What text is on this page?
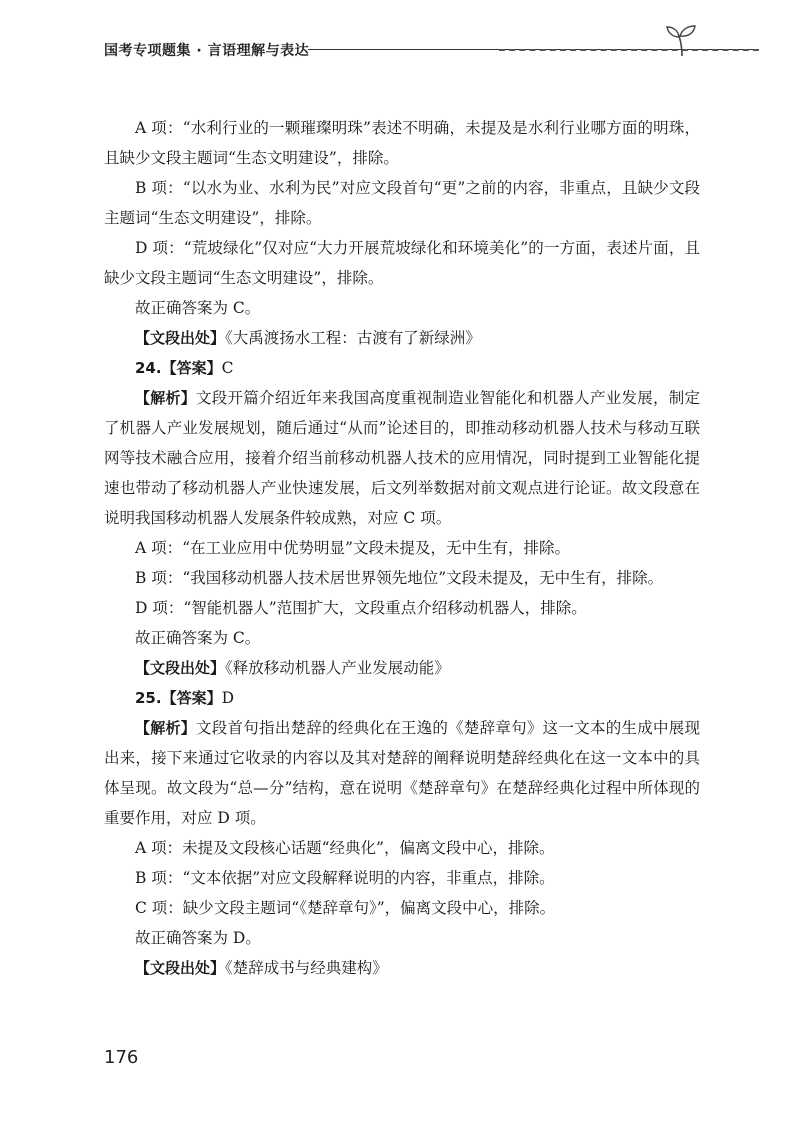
国考专项题集 · 言语理解与表达

A 项：“水利行业的一颗璀璨明珠”表述不明确，未提及是水利行业哪方面的明珠，且缺少文段主题词“生态文明建设”，排除。

B 项：“以水为业、水利为民”对应文段首句“更”之前的内容，非重点，且缺少文段主题词“生态文明建设”，排除。

D 项：“荒坡绿化”仅对应“大力开展荒坡绿化和环境美化”的一方面，表述片面，且缺少文段主题词“生态文明建设”，排除。

故正确答案为 C。

【文段出处】《大禹渡扬水工程：古渡有了新绿洲》

24.【答案】C

【解析】文段开篇介绍近年来我国高度重视制造业智能化和机器人产业发展，制定了机器人产业发展规划，随后通过“从而”论述目的，即推动移动机器人技术与移动互联网等技术融合应用，接着介绍当前移动机器人技术的应用情况，同时提到工业智能化提速也带动了移动机器人产业快速发展，后文列举数据对前文观点进行论证。故文段意在说明我国移动机器人发展条件较成熟，对应 C 项。

A 项：“在工业应用中优势明显”文段未提及，无中生有，排除。

B 项：“我国移动机器人技术居世界领先地位”文段未提及，无中生有，排除。

D 项：“智能机器人”范围扩大，文段重点介绍移动机器人，排除。

故正确答案为 C。

【文段出处】《释放移动机器人产业发展动能》

25.【答案】D

【解析】文段首句指出楚辞的经典化在王逸的《楚辞章句》这一文本的生成中展现出来，接下来通过它收录的内容以及其对楚辞的阐释说明楚辞经典化在这一文本中的具体呈现。故文段为“总—分”结构，意在说明《楚辞章句》在楚辞经典化过程中所体现的重要作用，对应 D 项。

A 项：未提及文段核心话题“经典化”，偏离文段中心，排除。

B 项：“文本依据”对应文段解释说明的内容，非重点，排除。

C 项：缺少文段主题词“《楚辞章句》”，偏离文段中心，排除。

故正确答案为 D。

【文段出处】《楚辞成书与经典建构》

176
